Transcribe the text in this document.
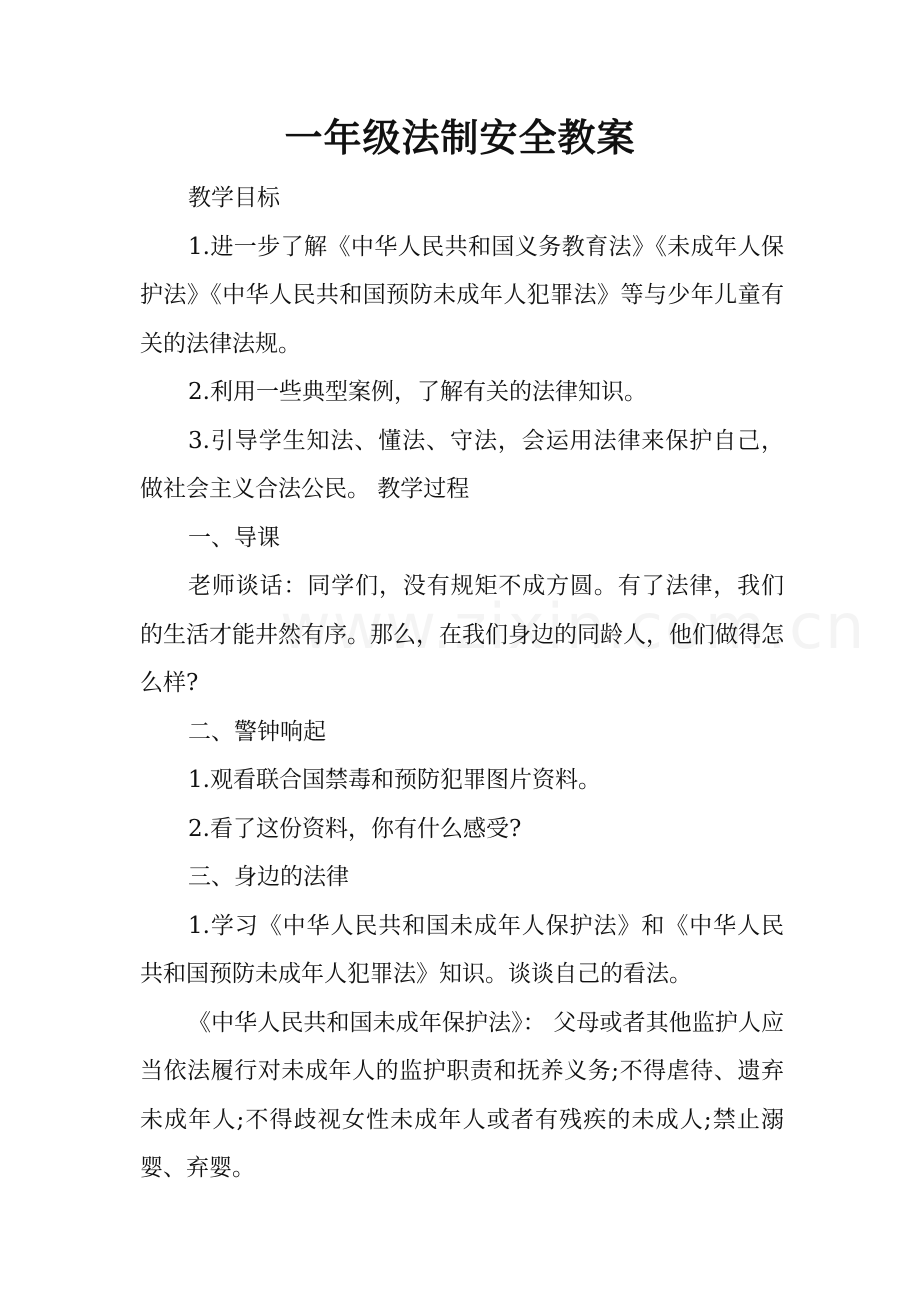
一年级法制安全教案

教学目标

1.进一步了解《中华人民共和国义务教育法》《未成年人保护法》《中华人民共和国预防未成年人犯罪法》等与少年儿童有关的法律法规。

2.利用一些典型案例，了解有关的法律知识。

3.引导学生知法、懂法、守法，会运用法律来保护自己，做社会主义合法公民。 教学过程

一、导课

老师谈话：同学们，没有规矩不成方圆。有了法律，我们的生活才能井然有序。那么，在我们身边的同龄人，他们做得怎么样?

二、警钟响起

1.观看联合国禁毒和预防犯罪图片资料。

2.看了这份资料，你有什么感受?

三、身边的法律

1.学习《中华人民共和国未成年人保护法》和《中华人民共和国预防未成年人犯罪法》知识。谈谈自己的看法。

《中华人民共和国未成年保护法》： 父母或者其他监护人应当依法履行对未成年人的监护职责和抚养义务;不得虐待、遗弃未成年人;不得歧视女性未成年人或者有残疾的未成人;禁止溺婴、弃婴。
